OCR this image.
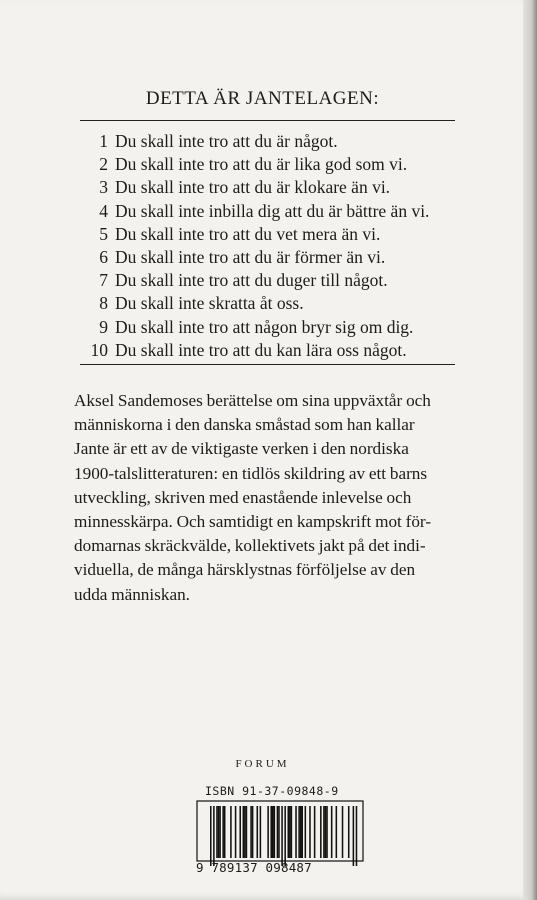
DETTA ÄR JANTELAGEN:
1 Du skall inte tro att du är något.
2 Du skall inte tro att du är lika god som vi.
3 Du skall inte tro att du är klokare än vi.
4 Du skall inte inbilla dig att du är bättre än vi.
5 Du skall inte tro att du vet mera än vi.
6 Du skall inte tro att du är förmer än vi.
7 Du skall inte tro att du duger till något.
8 Du skall inte skratta åt oss.
9 Du skall inte tro att någon bryr sig om dig.
10 Du skall inte tro att du kan lära oss något.

Aksel Sandemoses berättelse om sina uppväxtår och
människorna i den danska småstad som han kallar
Jante är ett av de viktigaste verken i den nordiska
1900-talslitteraturen: en tidlös skildring av ett barns
utveckling, skriven med enastående inlevelse och
minnesskärpa. Och samtidigt en kampskrift mot för-
domarnas skräckvälde, kollektivets jakt på det indi-
viduella, de många härsklystnas förföljelse av den
udda människan.

FORUM
ISBN 91-37-09848-9
9 789137 098487
